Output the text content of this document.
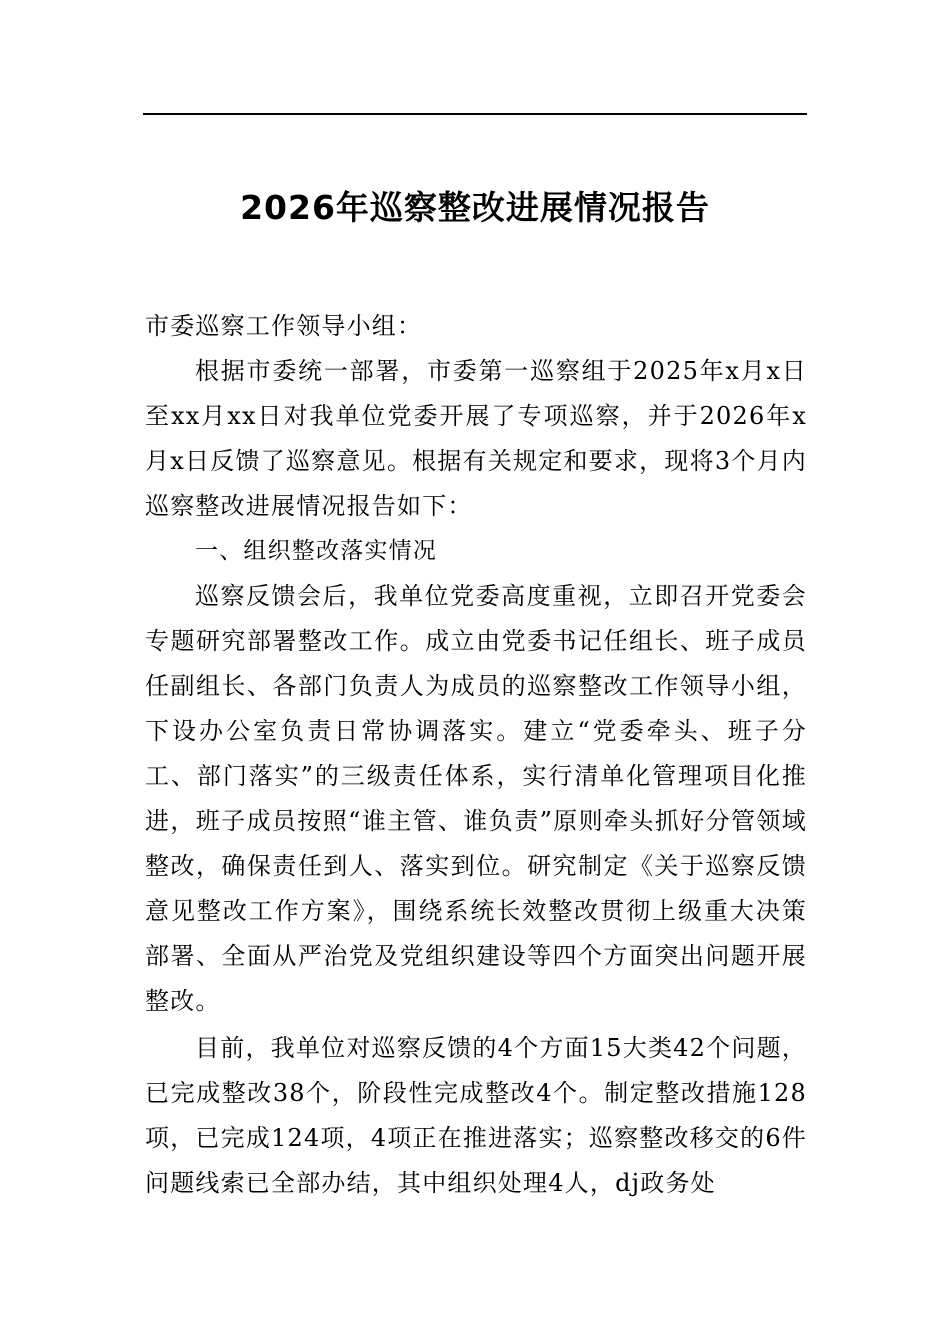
2026年巡察整改进展情况报告

市委巡察工作领导小组：

根据市委统一部署，市委第一巡察组于2025年x月x日至xx月xx日对我单位党委开展了专项巡察，并于2026年x月x日反馈了巡察意见。根据有关规定和要求，现将3个月内巡察整改进展情况报告如下：

一、组织整改落实情况

巡察反馈会后，我单位党委高度重视，立即召开党委会专题研究部署整改工作。成立由党委书记任组长、班子成员任副组长、各部门负责人为成员的巡察整改工作领导小组，下设办公室负责日常协调落实。建立“党委牵头、班子分工、部门落实”的三级责任体系，实行清单化管理项目化推进，班子成员按照“谁主管、谁负责”原则牵头抓好分管领域整改，确保责任到人、落实到位。研究制定《关于巡察反馈意见整改工作方案》，围绕系统长效整改贯彻上级重大决策部署、全面从严治党及党组织建设等四个方面突出问题开展整改。

目前，我单位对巡察反馈的4个方面15大类42个问题，已完成整改38个，阶段性完成整改4个。制定整改措施128项，已完成124项，4项正在推进落实；巡察整改移交的6件问题线索已全部办结，其中组织处理4人，dj政务处
